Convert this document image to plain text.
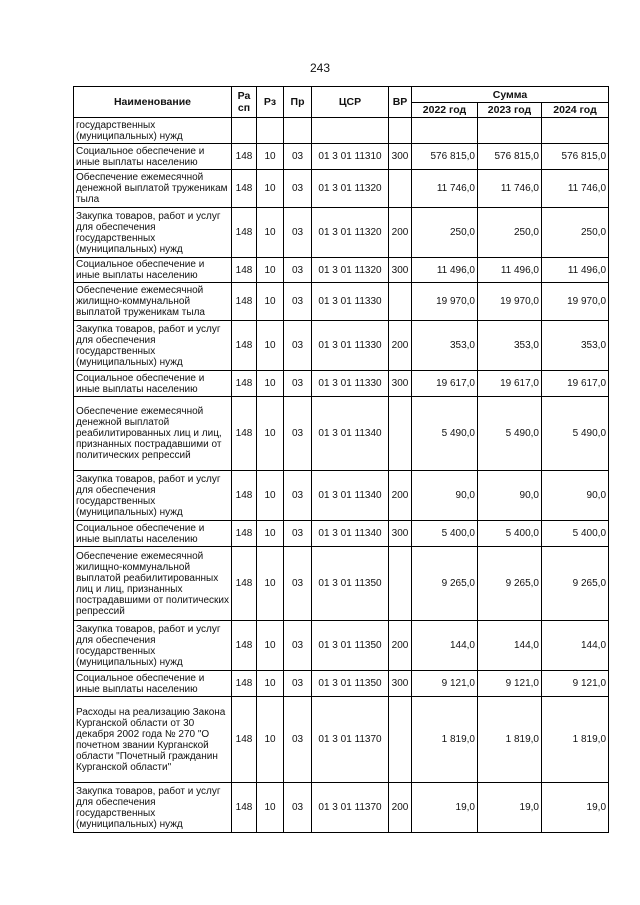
243
Наименование	Ра сп	Рз	Пр	ЦСР	ВР	Сумма		
						2022 год	2023 год	2024 год
государственных (муниципальных) нужд								
Социальное обеспечение и иные выплаты населению	148	10	03	01 3 01 11310	300	576 815,0	576 815,0	576 815,0
Обеспечение ежемесячной денежной выплатой труженикам тыла	148	10	03	01 3 01 11320		11 746,0	11 746,0	11 746,0
Закупка товаров, работ и услуг для обеспечения государственных (муниципальных) нужд	148	10	03	01 3 01 11320	200	250,0	250,0	250,0
Социальное обеспечение и иные выплаты населению	148	10	03	01 3 01 11320	300	11 496,0	11 496,0	11 496,0
Обеспечение ежемесячной жилищно-коммунальной выплатой труженикам тыла	148	10	03	01 3 01 11330		19 970,0	19 970,0	19 970,0
Закупка товаров, работ и услуг для обеспечения государственных (муниципальных) нужд	148	10	03	01 3 01 11330	200	353,0	353,0	353,0
Социальное обеспечение и иные выплаты населению	148	10	03	01 3 01 11330	300	19 617,0	19 617,0	19 617,0
Обеспечение ежемесячной денежной выплатой реабилитированных лиц и лиц, признанных пострадавшими от политических репрессий	148	10	03	01 3 01 11340		5 490,0	5 490,0	5 490,0
Закупка товаров, работ и услуг для обеспечения государственных (муниципальных) нужд	148	10	03	01 3 01 11340	200	90,0	90,0	90,0
Социальное обеспечение и иные выплаты населению	148	10	03	01 3 01 11340	300	5 400,0	5 400,0	5 400,0
Обеспечение ежемесячной жилищно-коммунальной выплатой реабилитированных лиц и лиц, признанных пострадавшими от политических репрессий	148	10	03	01 3 01 11350		9 265,0	9 265,0	9 265,0
Закупка товаров, работ и услуг для обеспечения государственных (муниципальных) нужд	148	10	03	01 3 01 11350	200	144,0	144,0	144,0
Социальное обеспечение и иные выплаты населению	148	10	03	01 3 01 11350	300	9 121,0	9 121,0	9 121,0
Расходы на реализацию Закона Курганской области от 30 декабря 2002 года № 270 "О почетном звании Курганской области "Почетный гражданин Курганской области"	148	10	03	01 3 01 11370		1 819,0	1 819,0	1 819,0
Закупка товаров, работ и услуг для обеспечения государственных (муниципальных) нужд	148	10	03	01 3 01 11370	200	19,0	19,0	19,0
